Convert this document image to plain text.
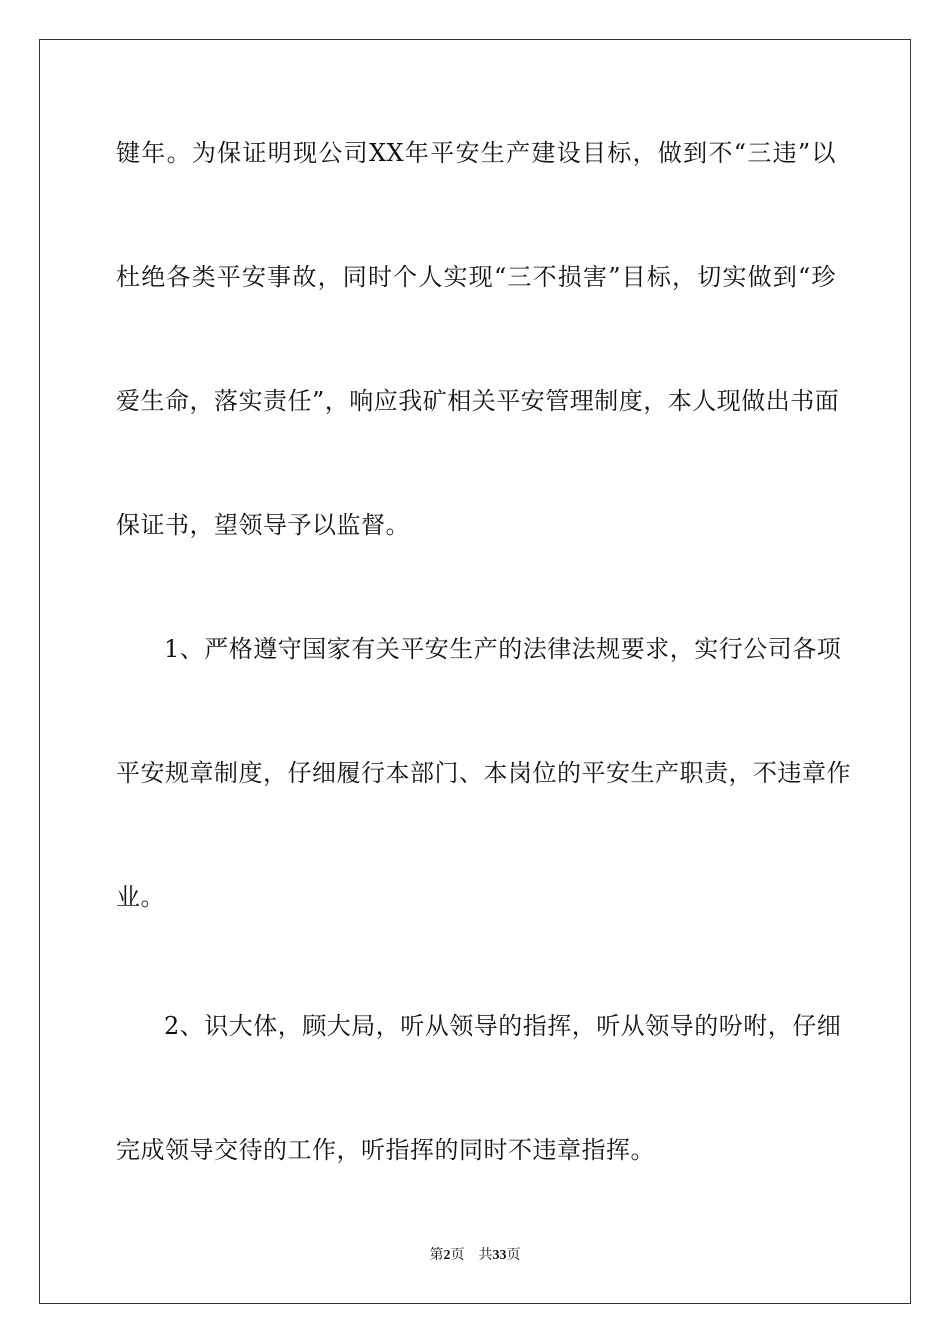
键年。为保证明现公司XX年平安生产建设目标，做到不“三违”以
杜绝各类平安事故，同时个人实现“三不损害”目标，切实做到“珍
爱生命，落实责任”，响应我矿相关平安管理制度，本人现做出书面
保证书，望领导予以监督。
1、严格遵守国家有关平安生产的法律法规要求，实行公司各项
平安规章制度，仔细履行本部门、本岗位的平安生产职责，不违章作
业。
2、识大体，顾大局，听从领导的指挥，听从领导的吩咐，仔细
完成领导交待的工作，听指挥的同时不违章指挥。
第2页 共33页
